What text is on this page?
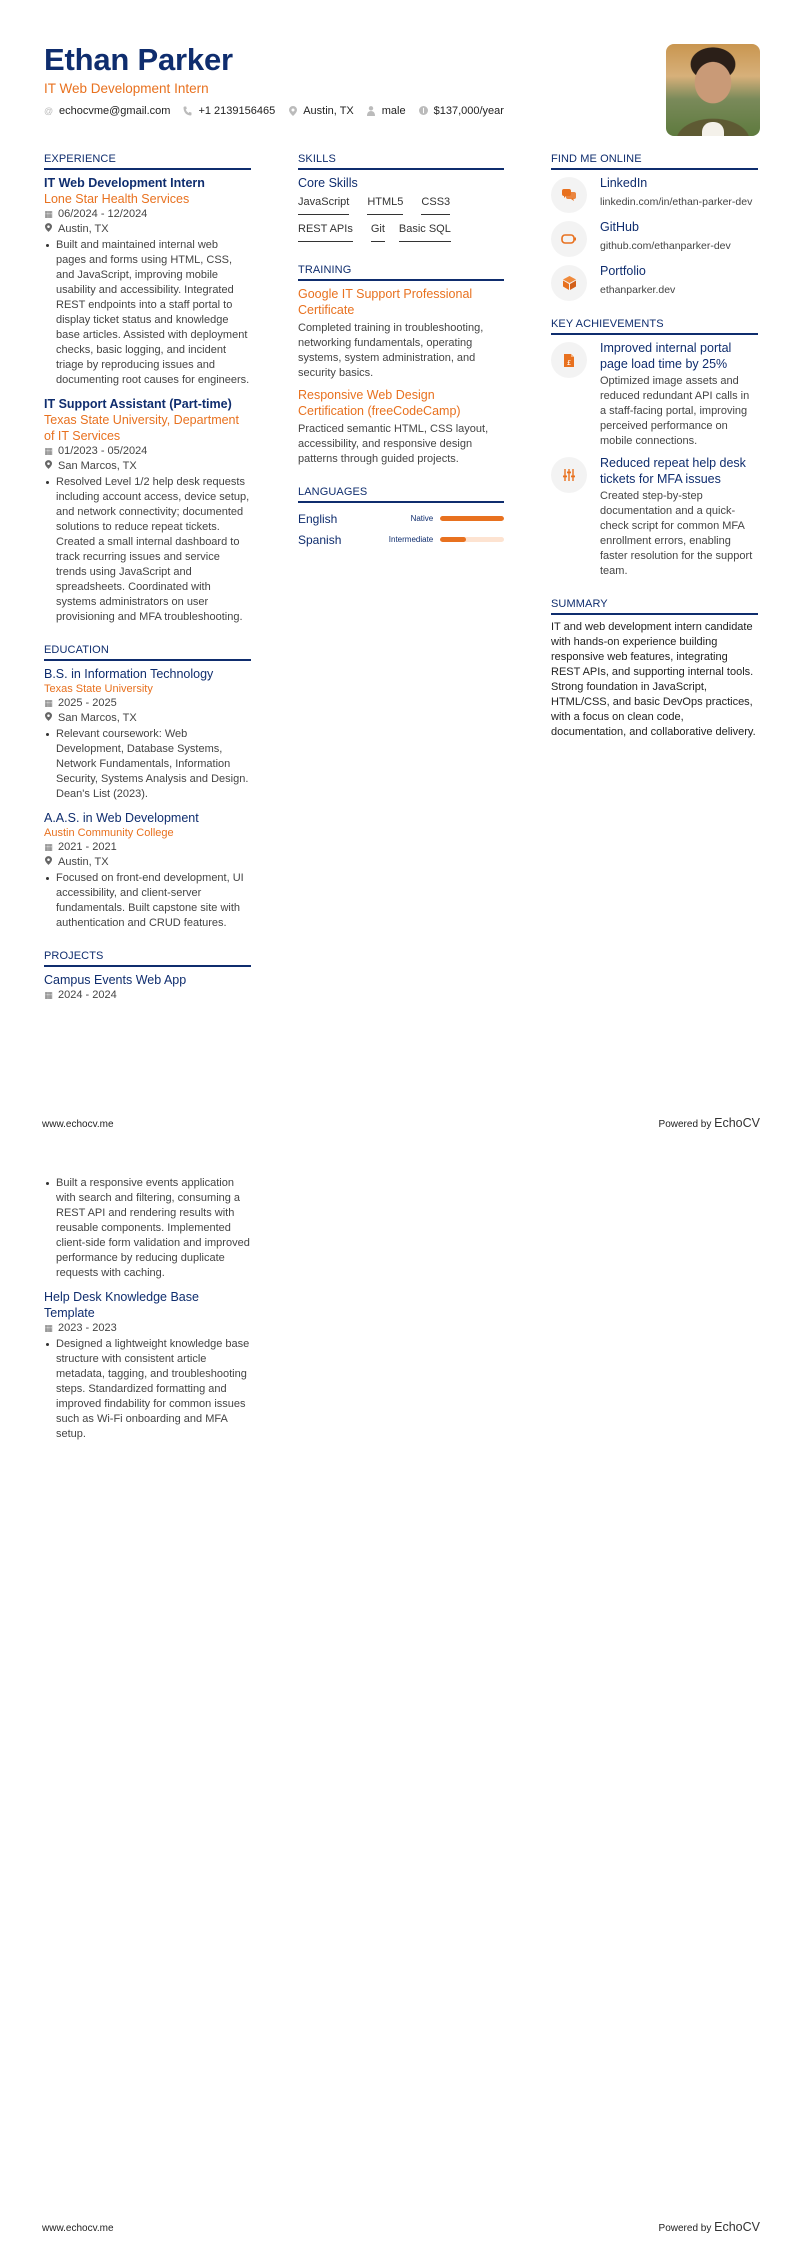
Ethan Parker
IT Web Development Intern
@ echocvme@gmail.com	+1 2139156465	Austin, TX	male	$137,000/year
EXPERIENCE
IT Web Development Intern
Lone Star Health Services
▦ 06/2024 - 12/2024
Austin, TX
Built and maintained internal web pages and forms using HTML, CSS, and JavaScript, improving mobile usability and accessibility. Integrated REST endpoints into a staff portal to display ticket status and knowledge base articles. Assisted with deployment checks, basic logging, and incident triage by reproducing issues and documenting root causes for engineers.
IT Support Assistant (Part-time)
Texas State University, Department of IT Services
▦ 01/2023 - 05/2024
San Marcos, TX
Resolved Level 1/2 help desk requests including account access, device setup, and network connectivity; documented solutions to reduce repeat tickets. Created a small internal dashboard to track recurring issues and service trends using JavaScript and spreadsheets. Coordinated with systems administrators on user provisioning and MFA troubleshooting.
EDUCATION
B.S. in Information Technology
Texas State University
▦ 2025 - 2025
San Marcos, TX
Relevant coursework: Web Development, Database Systems, Network Fundamentals, Information Security, Systems Analysis and Design. Dean's List (2023).
A.A.S. in Web Development
Austin Community College
▦ 2021 - 2021
Austin, TX
Focused on front-end development, UI accessibility, and client-server fundamentals. Built capstone site with authentication and CRUD features.
PROJECTS
Campus Events Web App
▦ 2024 - 2024
SKILLS
Core Skills
JavaScript HTML5 CSS3
REST APIs Git Basic SQL
TRAINING
Google IT Support Professional Certificate
Completed training in troubleshooting, networking fundamentals, operating systems, system administration, and security basics.
Responsive Web Design Certification (freeCodeCamp)
Practiced semantic HTML, CSS layout, accessibility, and responsive design patterns through guided projects.
LANGUAGES
English	Native
Spanish	Intermediate
FIND ME ONLINE
LinkedIn
linkedin.com/in/ethan-parker-dev
GitHub
github.com/ethanparker-dev
Portfolio
ethanparker.dev
KEY ACHIEVEMENTS
£
Improved internal portal page load time by 25%
Optimized image assets and reduced redundant API calls in a staff-facing portal, improving perceived performance on mobile connections.
Reduced repeat help desk tickets for MFA issues
Created step-by-step documentation and a quick-check script for common MFA enrollment errors, enabling faster resolution for the support team.
SUMMARY
IT and web development intern candidate with hands-on experience building responsive web features, integrating REST APIs, and supporting internal tools. Strong foundation in JavaScript, HTML/CSS, and basic DevOps practices, with a focus on clean code, documentation, and collaborative delivery.
www.echocv.me	Powered by EchoCV
Built a responsive events application with search and filtering, consuming a REST API and rendering results with reusable components. Implemented client-side form validation and improved performance by reducing duplicate requests with caching.
Help Desk Knowledge Base Template
▦ 2023 - 2023
Designed a lightweight knowledge base structure with consistent article metadata, tagging, and troubleshooting steps. Standardized formatting and improved findability for common issues such as Wi-Fi onboarding and MFA setup.
www.echocv.me	Powered by EchoCV
